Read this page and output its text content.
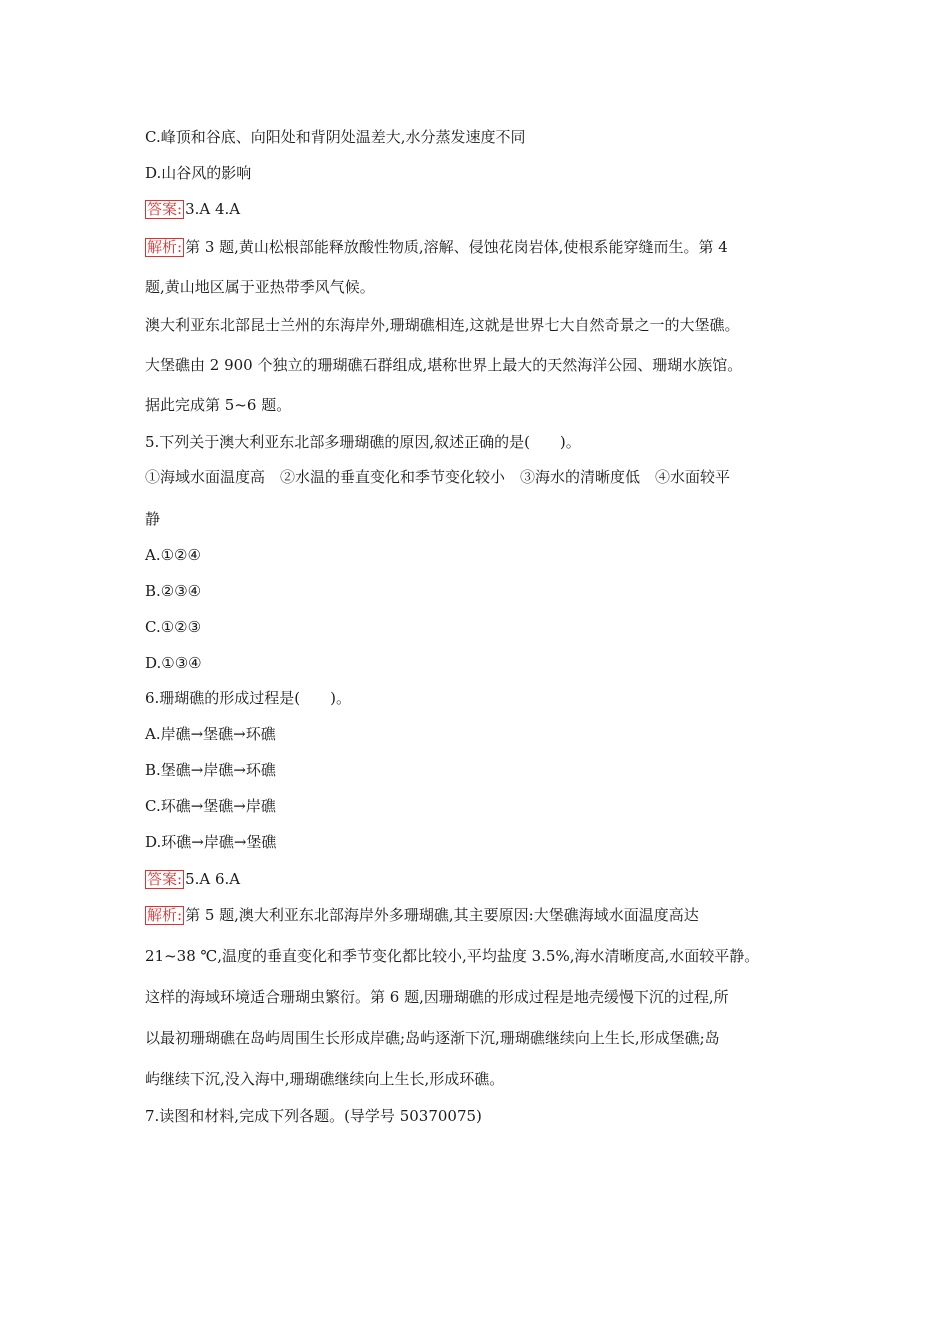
C.峰顶和谷底、向阳处和背阴处温差大,水分蒸发速度不同

D.山谷风的影响

答案: 3.A 4.A

解析: 第 3 题,黄山松根部能释放酸性物质,溶解、侵蚀花岗岩体,使根系能穿缝而生。第 4

题,黄山地区属于亚热带季风气候。

澳大利亚东北部昆士兰州的东海岸外,珊瑚礁相连,这就是世界七大自然奇景之一的大堡礁。

大堡礁由 2 900 个独立的珊瑚礁石群组成,堪称世界上最大的天然海洋公园、珊瑚水族馆。

据此完成第 5~6 题。

5.下列关于澳大利亚东北部多珊瑚礁的原因,叙述正确的是(　　)。

①海域水面温度高　②水温的垂直变化和季节变化较小　③海水的清晰度低　④水面较平

静

A.①②④

B.②③④

C.①②③

D.①③④

6.珊瑚礁的形成过程是(　　)。

A.岸礁→堡礁→环礁

B.堡礁→岸礁→环礁

C.环礁→堡礁→岸礁

D.环礁→岸礁→堡礁

答案: 5.A 6.A

解析: 第 5 题,澳大利亚东北部海岸外多珊瑚礁,其主要原因:大堡礁海域水面温度高达

21~38 ℃,温度的垂直变化和季节变化都比较小,平均盐度 3.5%,海水清晰度高,水面较平静。

这样的海域环境适合珊瑚虫繁衍。第 6 题,因珊瑚礁的形成过程是地壳缓慢下沉的过程,所

以最初珊瑚礁在岛屿周围生长形成岸礁;岛屿逐渐下沉,珊瑚礁继续向上生长,形成堡礁;岛

屿继续下沉,没入海中,珊瑚礁继续向上生长,形成环礁。

7.读图和材料,完成下列各题。(导学号 50370075)
